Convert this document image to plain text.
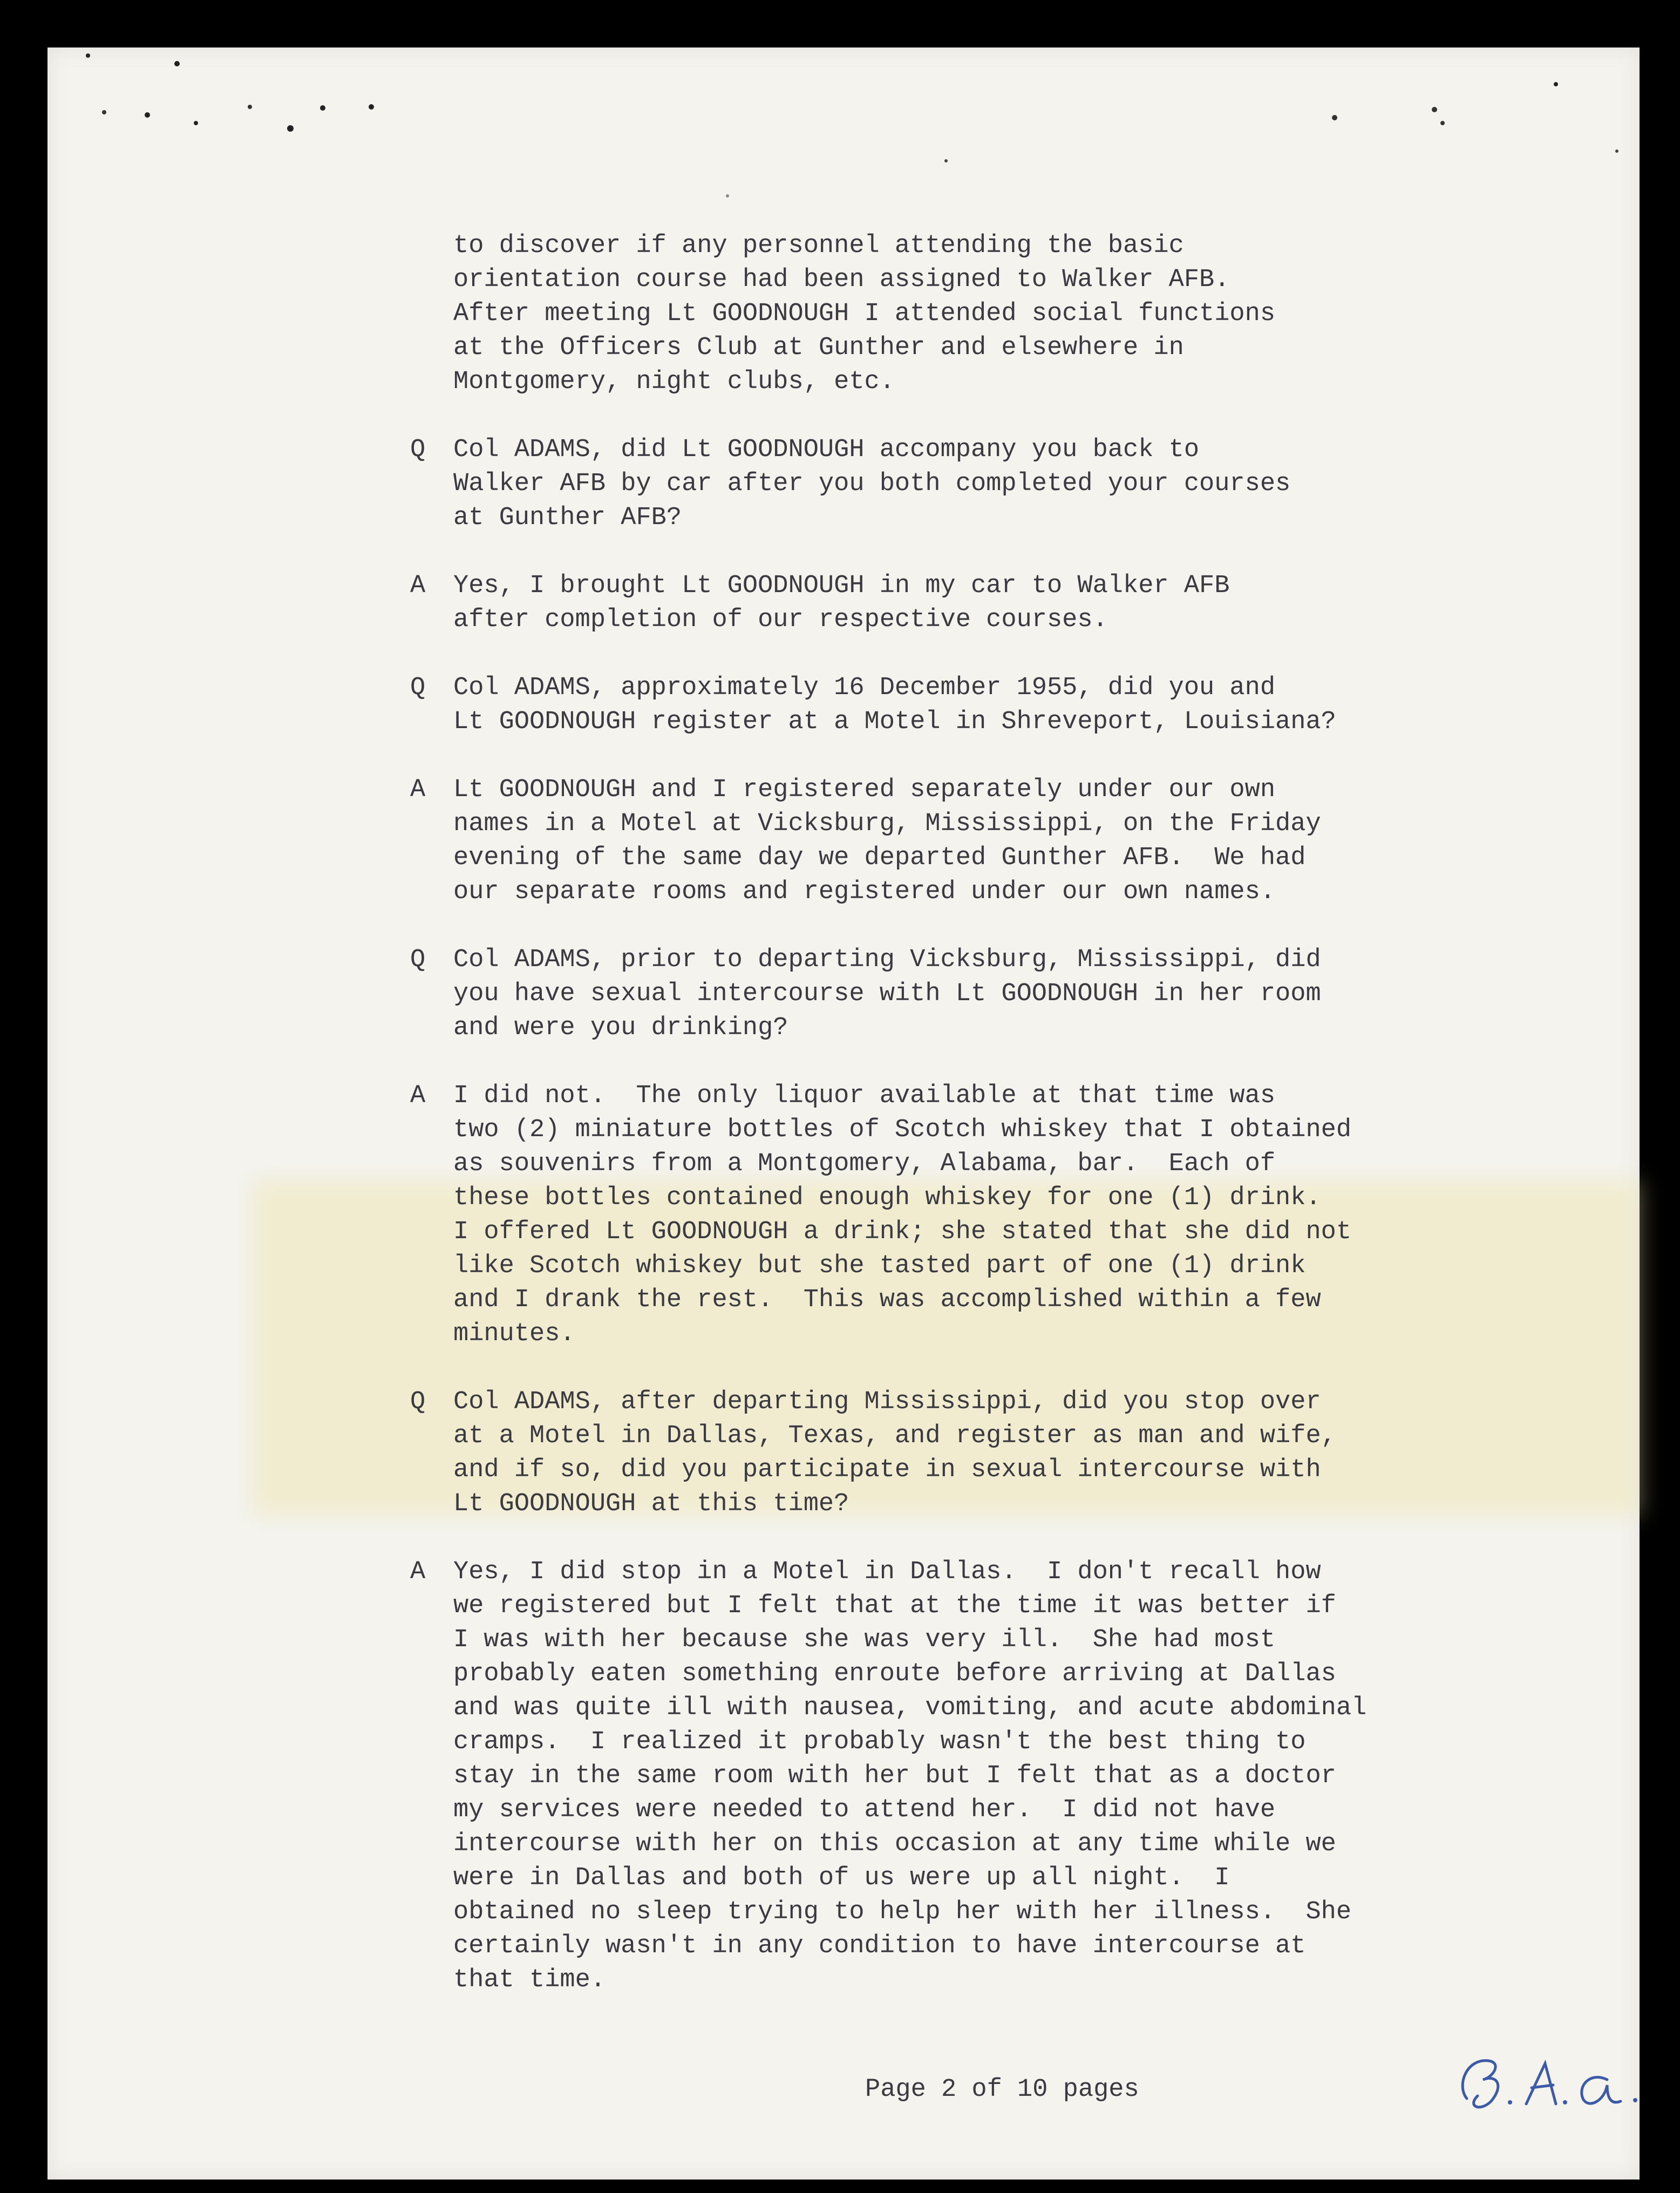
to discover if any personnel attending the basic
orientation course had been assigned to Walker AFB.
After meeting Lt GOODNOUGH I attended social functions
at the Officers Club at Gunther and elsewhere in
Montgomery, night clubs, etc.
Q	Col ADAMS, did Lt GOODNOUGH accompany you back to
Walker AFB by car after you both completed your courses
at Gunther AFB?
A	Yes, I brought Lt GOODNOUGH in my car to Walker AFB
after completion of our respective courses.
Q	Col ADAMS, approximately 16 December 1955, did you and
Lt GOODNOUGH register at a Motel in Shreveport, Louisiana?
A	Lt GOODNOUGH and I registered separately under our own
names in a Motel at Vicksburg, Mississippi, on the Friday
evening of the same day we departed Gunther AFB.  We had
our separate rooms and registered under our own names.
Q	Col ADAMS, prior to departing Vicksburg, Mississippi, did
you have sexual intercourse with Lt GOODNOUGH in her room
and were you drinking?
A	I did not.  The only liquor available at that time was
two (2) miniature bottles of Scotch whiskey that I obtained
as souvenirs from a Montgomery, Alabama, bar.  Each of
these bottles contained enough whiskey for one (1) drink.
I offered Lt GOODNOUGH a drink; she stated that she did not
like Scotch whiskey but she tasted part of one (1) drink
and I drank the rest.  This was accomplished within a few
minutes.
Q	Col ADAMS, after departing Mississippi, did you stop over
at a Motel in Dallas, Texas, and register as man and wife,
and if so, did you participate in sexual intercourse with
Lt GOODNOUGH at this time?
A	Yes, I did stop in a Motel in Dallas.  I don't recall how
we registered but I felt that at the time it was better if
I was with her because she was very ill.  She had most
probably eaten something enroute before arriving at Dallas
and was quite ill with nausea, vomiting, and acute abdominal
cramps.  I realized it probably wasn't the best thing to
stay in the same room with her but I felt that as a doctor
my services were needed to attend her.  I did not have
intercourse with her on this occasion at any time while we
were in Dallas and both of us were up all night.  I
obtained no sleep trying to help her with her illness.  She
certainly wasn't in any condition to have intercourse at
that time.
Page 2 of 10 pages
